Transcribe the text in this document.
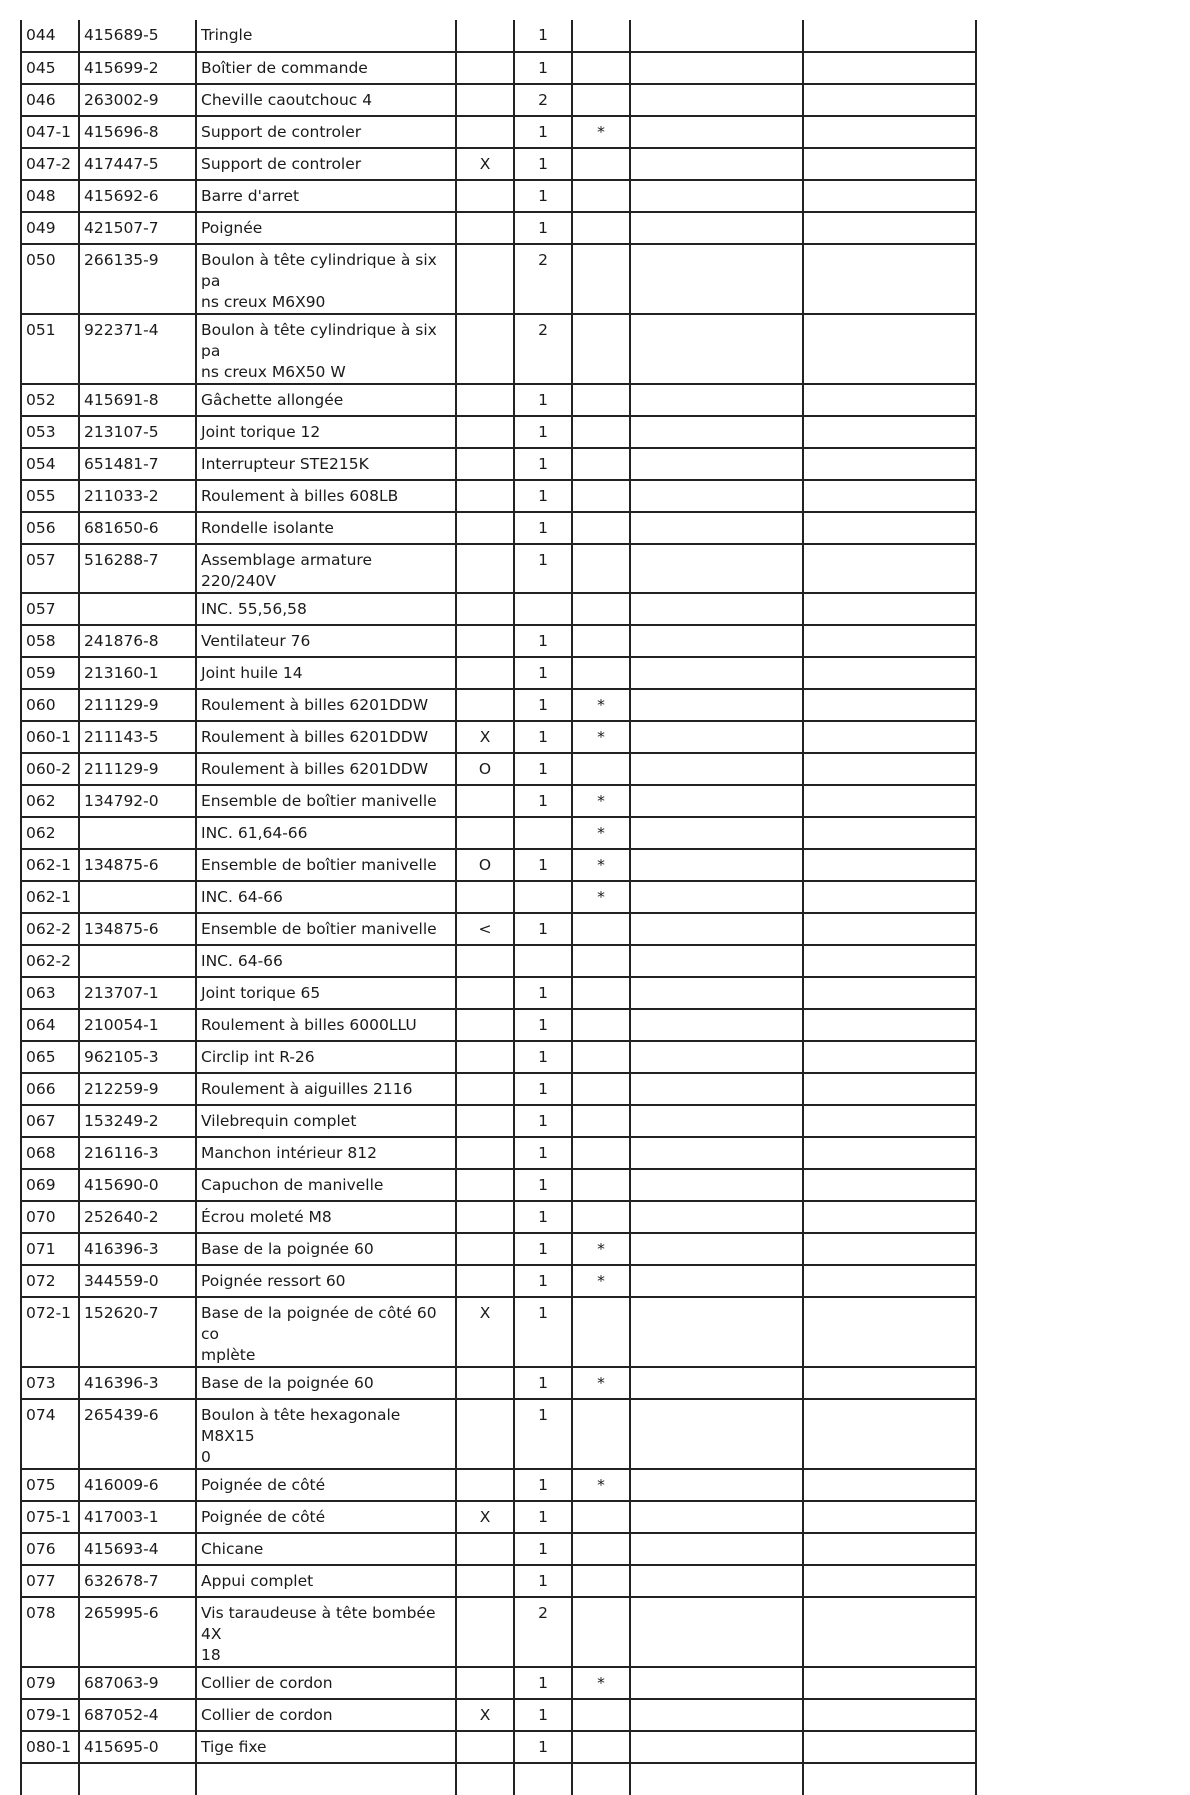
044	415689-5	Tringle		1			
045	415699-2	Boîtier de commande		1			
046	263002-9	Cheville caoutchouc 4		2			
047-1	415696-8	Support de controler		1	*		
047-2	417447-5	Support de controler	X	1			
048	415692-6	Barre d'arret		1			
049	421507-7	Poignée		1			
050	266135-9	Boulon à tête cylindrique à six pa
ns creux M6X90		2			
051	922371-4	Boulon à tête cylindrique à six pa
ns creux M6X50 W		2			
052	415691-8	Gâchette allongée		1			
053	213107-5	Joint torique 12		1			
054	651481-7	Interrupteur STE215K		1			
055	211033-2	Roulement à billes 608LB		1			
056	681650-6	Rondelle isolante		1			
057	516288-7	Assemblage armature 220/240V		1			
057		INC. 55,56,58					
058	241876-8	Ventilateur 76		1			
059	213160-1	Joint huile 14		1			
060	211129-9	Roulement à billes 6201DDW		1	*		
060-1	211143-5	Roulement à billes 6201DDW	X	1	*		
060-2	211129-9	Roulement à billes 6201DDW	O	1			
062	134792-0	Ensemble de boîtier manivelle		1	*		
062		INC. 61,64-66			*		
062-1	134875-6	Ensemble de boîtier manivelle	O	1	*		
062-1		INC. 64-66			*		
062-2	134875-6	Ensemble de boîtier manivelle	<	1			
062-2		INC. 64-66					
063	213707-1	Joint torique 65		1			
064	210054-1	Roulement à billes 6000LLU		1			
065	962105-3	Circlip int R-26		1			
066	212259-9	Roulement à aiguilles 2116		1			
067	153249-2	Vilebrequin complet		1			
068	216116-3	Manchon intérieur 812		1			
069	415690-0	Capuchon de manivelle		1			
070	252640-2	Écrou moleté M8		1			
071	416396-3	Base de la poignée 60		1	*		
072	344559-0	Poignée ressort 60		1	*		
072-1	152620-7	Base de la poignée de côté 60 co
mplète	X	1			
073	416396-3	Base de la poignée 60		1	*		
074	265439-6	Boulon à tête hexagonale M8X15
0		1			
075	416009-6	Poignée de côté		1	*		
075-1	417003-1	Poignée de côté	X	1			
076	415693-4	Chicane		1			
077	632678-7	Appui complet		1			
078	265995-6	Vis taraudeuse à tête bombée 4X
18		2			
079	687063-9	Collier de cordon		1	*		
079-1	687052-4	Collier de cordon	X	1			
080-1	415695-0	Tige fixe		1			
